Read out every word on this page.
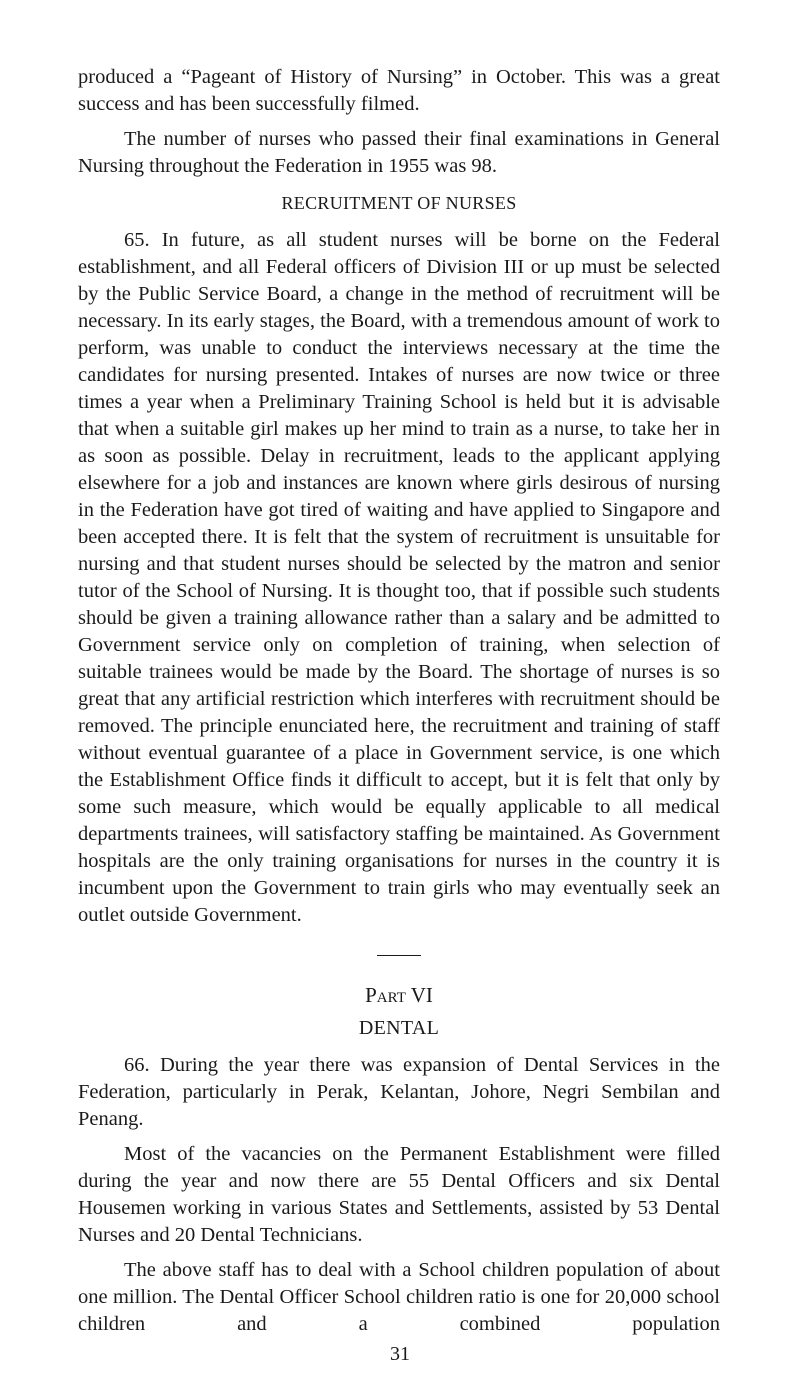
produced a “Pageant of History of Nursing” in October. This was a great success and has been successfully filmed.

The number of nurses who passed their final examinations in General Nursing throughout the Federation in 1955 was 98.

RECRUITMENT OF NURSES

65. In future, as all student nurses will be borne on the Federal establishment, and all Federal officers of Division III or up must be selected by the Public Service Board, a change in the method of recruitment will be necessary. In its early stages, the Board, with a tremendous amount of work to perform, was unable to conduct the interviews necessary at the time the candidates for nursing presented. Intakes of nurses are now twice or three times a year when a Preliminary Training School is held but it is advisable that when a suitable girl makes up her mind to train as a nurse, to take her in as soon as possible. Delay in recruitment, leads to the applicant applying elsewhere for a job and instances are known where girls desirous of nursing in the Federation have got tired of waiting and have applied to Singapore and been accepted there. It is felt that the system of recruitment is unsuitable for nursing and that student nurses should be selected by the matron and senior tutor of the School of Nursing. It is thought too, that if possible such students should be given a training allowance rather than a salary and be admitted to Government service only on completion of training, when selection of suitable trainees would be made by the Board. The shortage of nurses is so great that any artificial restriction which interferes with recruitment should be removed. The principle enunciated here, the recruitment and training of staff without eventual guarantee of a place in Government service, is one which the Establishment Office finds it difficult to accept, but it is felt that only by some such measure, which would be equally applicable to all medical departments trainees, will satisfactory staffing be maintained. As Government hospitals are the only training organisations for nurses in the country it is incumbent upon the Government to train girls who may eventually seek an outlet outside Government.

Part VI
DENTAL

66. During the year there was expansion of Dental Services in the Federation, particularly in Perak, Kelantan, Johore, Negri Sembilan and Penang.

Most of the vacancies on the Permanent Establishment were filled during the year and now there are 55 Dental Officers and six Dental Housemen working in various States and Settlements, assisted by 53 Dental Nurses and 20 Dental Technicians.

The above staff has to deal with a School children population of about one million. The Dental Officer School children ratio is one for 20,000 school children and a combined population

31
